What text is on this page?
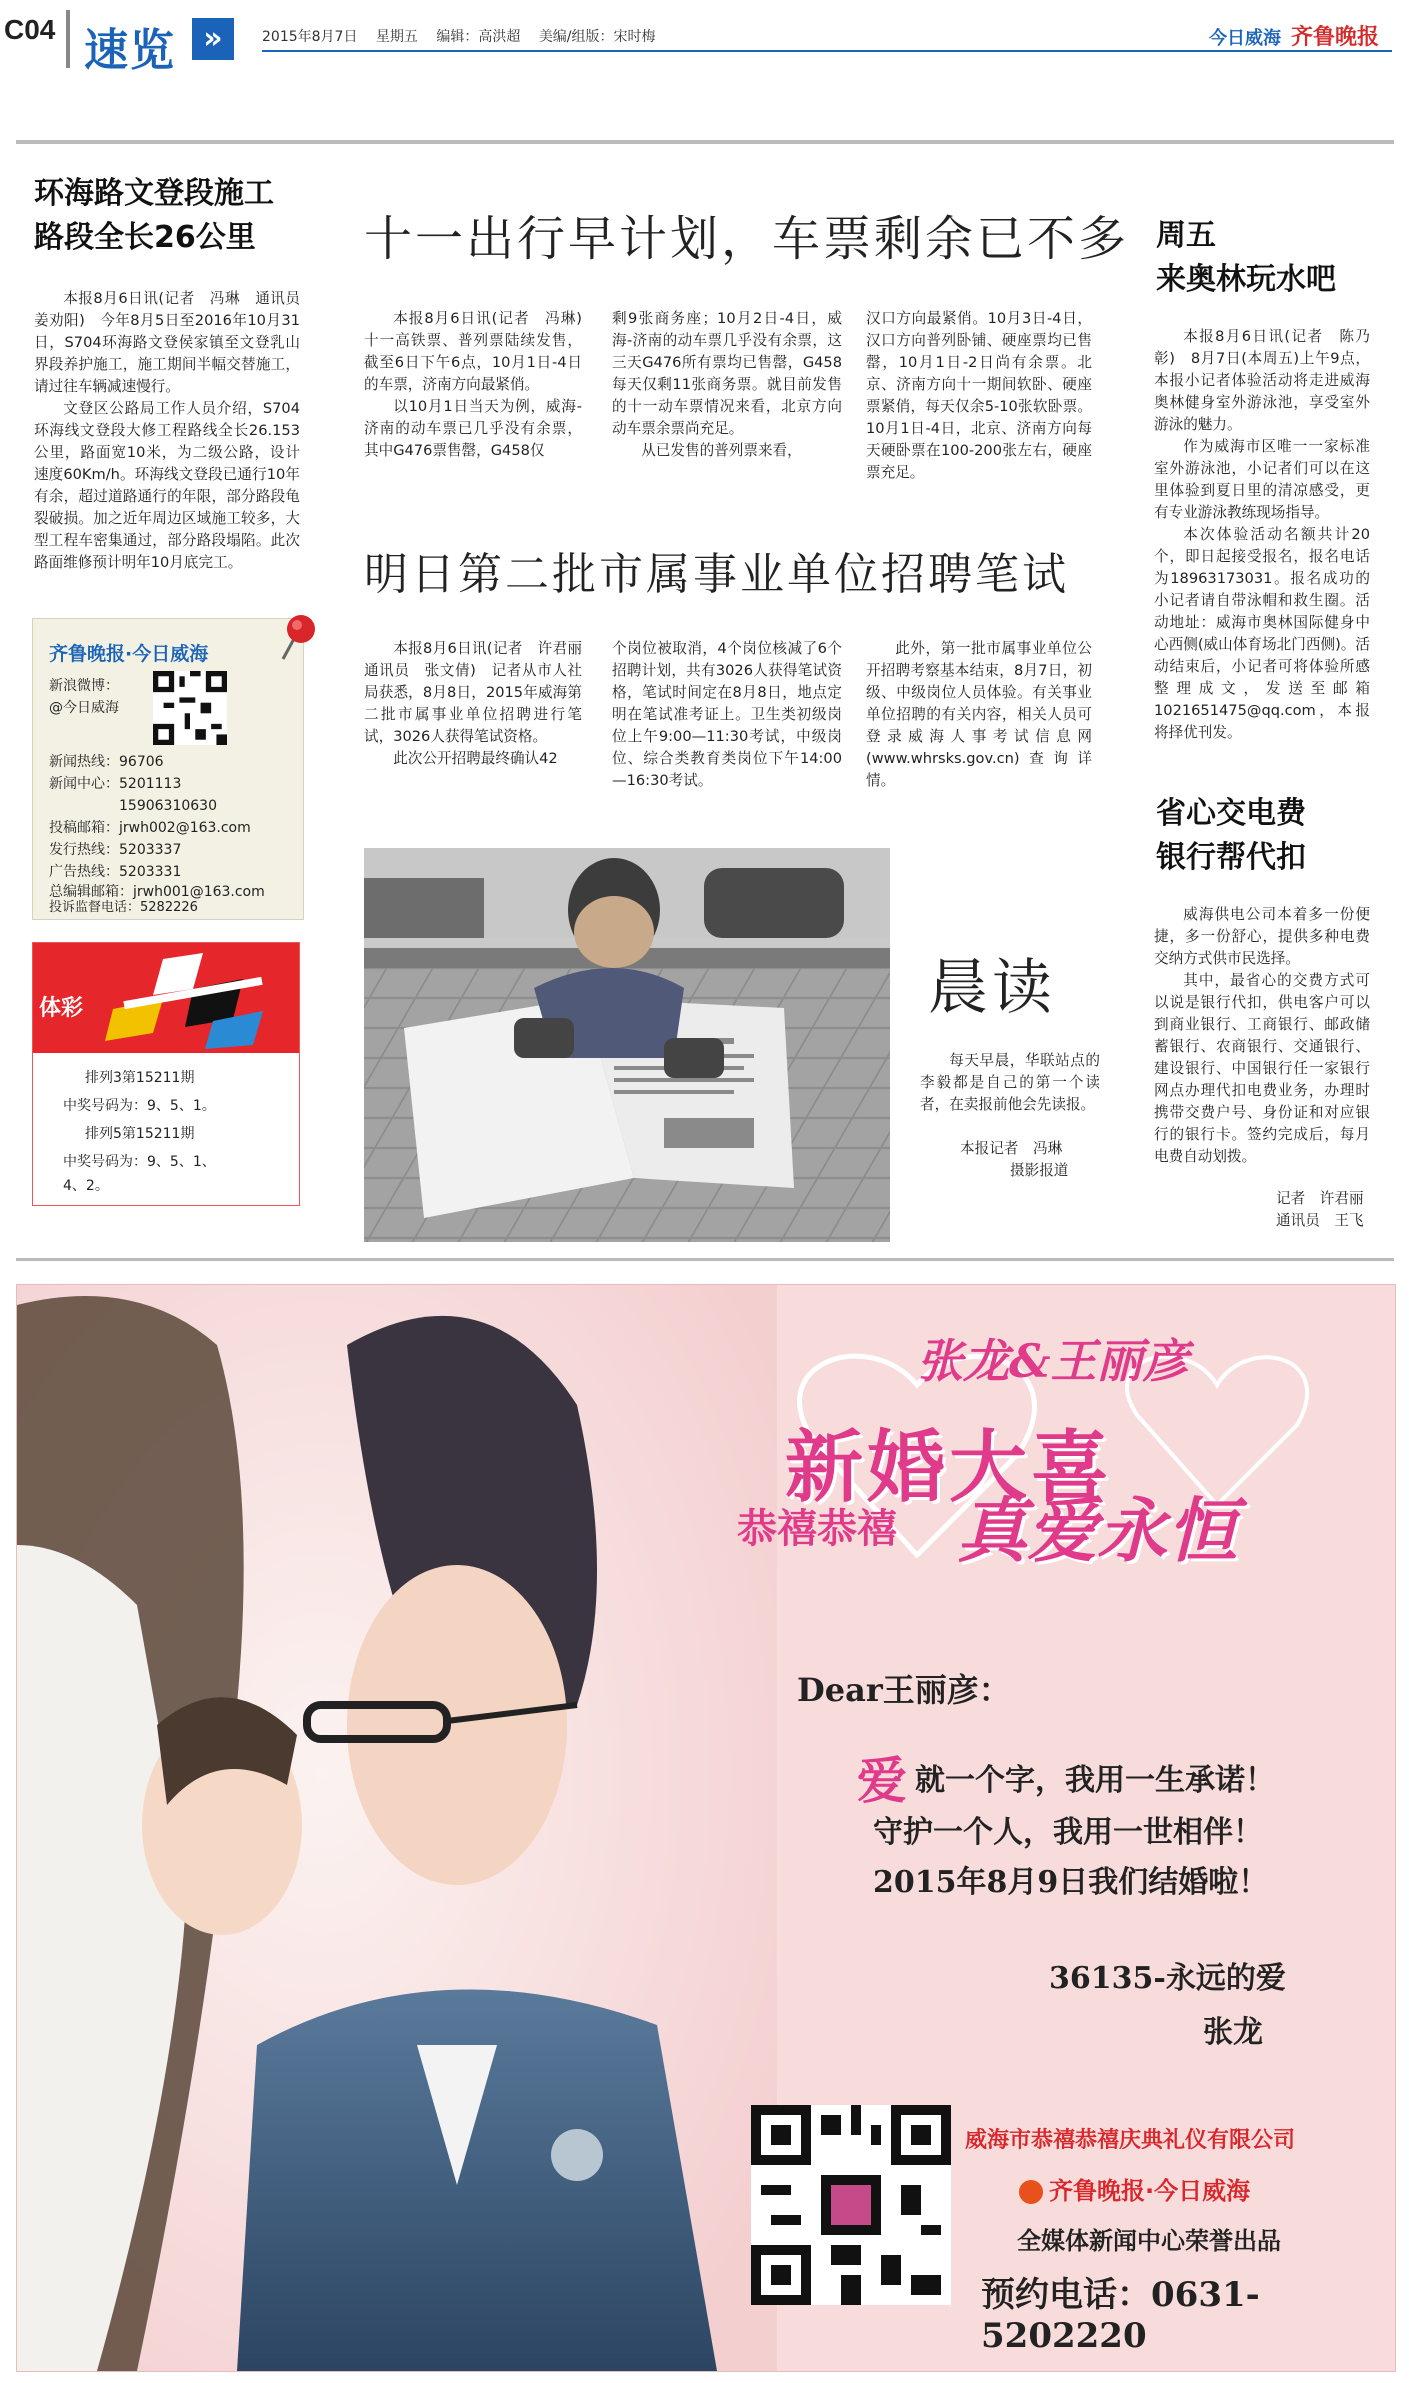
C04 速览 »	2015年8月7日 星期五 编辑：高洪超 美编/组版：宋时梅	今日威海 齐鲁晚报
环海路文登段施工
路段全长26公里

本报8月6日讯(记者　冯琳　通讯员　姜劝阳)　今年8月5日至2016年10月31日，S704环海路文登侯家镇至文登乳山界段养护施工，施工期间半幅交替施工，请过往车辆减速慢行。

文登区公路局工作人员介绍，S704环海线文登段大修工程路线全长26.153公里，路面宽10米，为二级公路，设计速度60Km/h。环海线文登段已通行10年有余，超过道路通行的年限，部分路段龟裂破损。加之近年周边区域施工较多，大型工程车密集通过，部分路段塌陷。此次路面维修预计明年10月底完工。

齐鲁晚报·今日威海
新浪微博：
@今日威海
新闻热线：96706
新闻中心：5201113
15906310630
投稿邮箱：jrwh002@163.com
发行热线：5203337
广告热线：5203331
总编辑邮箱：jrwh001@163.com
投诉监督电话：5282226
体彩
排列3第15211期
中奖号码为：9、5、1。
排列5第15211期
中奖号码为：9、5、1、
4、2。
十一出行早计划，车票剩余已不多

本报8月6日讯(记者　冯琳)　十一高铁票、普列票陆续发售，截至6日下午6点，10月1日-4日的车票，济南方向最紧俏。

以10月1日当天为例，威海-济南的动车票已几乎没有余票，其中G476票售罄，G458仅

剩9张商务座；10月2日-4日，威海-济南的动车票几乎没有余票，这三天G476所有票均已售罄，G458每天仅剩11张商务票。就目前发售的十一动车票情况来看，北京方向动车票余票尚充足。

从已发售的普列票来看，

汉口方向最紧俏。10月3日-4日，汉口方向普列卧铺、硬座票均已售罄，10月1日-2日尚有余票。北京、济南方向十一期间软卧、硬座票紧俏，每天仅余5-10张软卧票。10月1日-4日，北京、济南方向每天硬卧票在100-200张左右，硬座票充足。

明日第二批市属事业单位招聘笔试

本报8月6日讯(记者　许君丽　通讯员　张文倩)　记者从市人社局获悉，8月8日，2015年威海第二批市属事业单位招聘进行笔试，3026人获得笔试资格。

此次公开招聘最终确认42

个岗位被取消，4个岗位核减了6个招聘计划，共有3026人获得笔试资格，笔试时间定在8月8日，地点定明在笔试准考证上。卫生类初级岗位上午9:00—11:30考试，中级岗位、综合类教育类岗位下午14:00—16:30考试。

此外，第一批市属事业单位公开招聘考察基本结束，8月7日，初级、中级岗位人员体验。有关事业单位招聘的有关内容，相关人员可登录威海人事考试信息网(www.whrsks.gov.cn)查询详情。

晨读

每天早晨，华联站点的李毅都是自己的第一个读者，在卖报前他会先读报。

本报记者　冯琳
摄影报道
周五
来奥林玩水吧

本报8月6日讯(记者　陈乃彰)　8月7日(本周五)上午9点，本报小记者体验活动将走进威海奥林健身室外游泳池，享受室外游泳的魅力。

作为威海市区唯一一家标准室外游泳池，小记者们可以在这里体验到夏日里的清凉感受，更有专业游泳教练现场指导。

本次体验活动名额共计20个，即日起接受报名，报名电话为18963173031。报名成功的小记者请自带泳帽和救生圈。活动地址：威海市奥林国际健身中心西侧(威山体育场北门西侧)。活动结束后，小记者可将体验所感整理成文，发送至邮箱1021651475@qq.com，本报将择优刊发。

省心交电费
银行帮代扣

威海供电公司本着多一份便捷，多一份舒心，提供多种电费交纳方式供市民选择。

其中，最省心的交费方式可以说是银行代扣，供电客户可以到商业银行、工商银行、邮政储蓄银行、农商银行、交通银行、建设银行、中国银行任一家银行网点办理代扣电费业务，办理时携带交费户号、身份证和对应银行的银行卡。签约完成后，每月电费自动划拨。

记者　许君丽
通讯员　王飞
张龙&王丽彦
新婚大喜
恭禧恭禧 真爱永恒
Dear王丽彦：
爱 就一个字，我用一生承诺！
守护一个人，我用一世相伴！
2015年8月9日我们结婚啦！
36135-永远的爱
张龙
威海市恭禧恭禧庆典礼仪有限公司
齐鲁晚报·今日威海
全媒体新闻中心荣誉出品
预约电话：0631-5202220
